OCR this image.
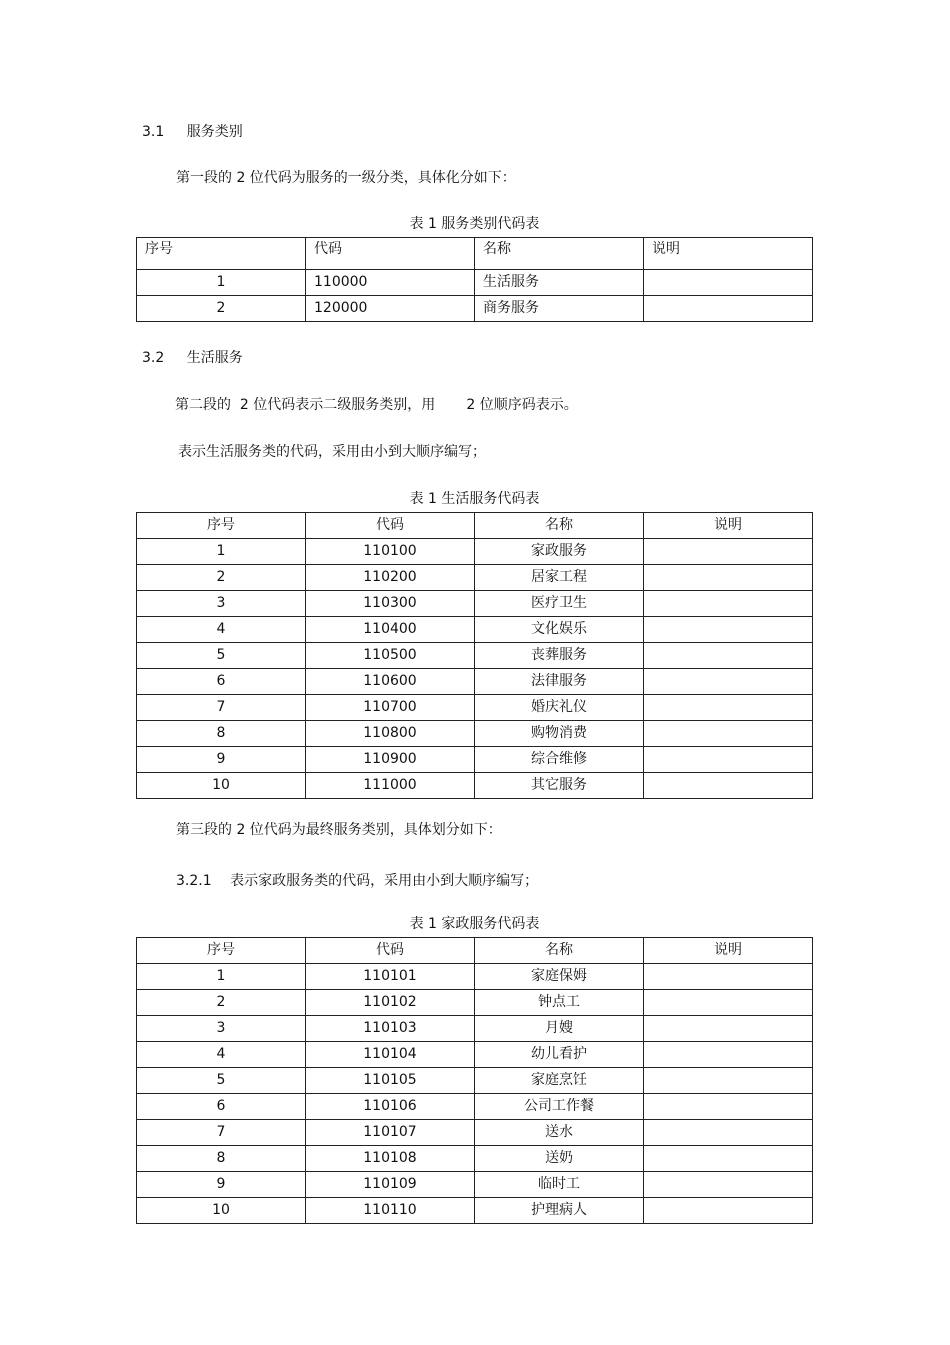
3.1 服务类别
第一段的 2 位代码为服务的一级分类，具体化分如下：
表 1 服务类别代码表
序号	代码	名称	说明
1	110000	生活服务	
2	120000	商务服务	
3.2 生活服务
第二段的  2 位代码表示二级服务类别，用       2 位顺序码表示。
表示生活服务类的代码，采用由小到大顺序编写；
表 1 生活服务代码表
序号	代码	名称	说明
1	110100	家政服务	
2	110200	居家工程	
3	110300	医疗卫生	
4	110400	文化娱乐	
5	110500	丧葬服务	
6	110600	法律服务	
7	110700	婚庆礼仪	
8	110800	购物消费	
9	110900	综合维修	
10	111000	其它服务	
第三段的 2 位代码为最终服务类别，具体划分如下：
3.2.1 表示家政服务类的代码，采用由小到大顺序编写；
表 1 家政服务代码表
序号	代码	名称	说明
1	110101	家庭保姆	
2	110102	钟点工	
3	110103	月嫂	
4	110104	幼儿看护	
5	110105	家庭烹饪	
6	110106	公司工作餐	
7	110107	送水	
8	110108	送奶	
9	110109	临时工	
10	110110	护理病人	
